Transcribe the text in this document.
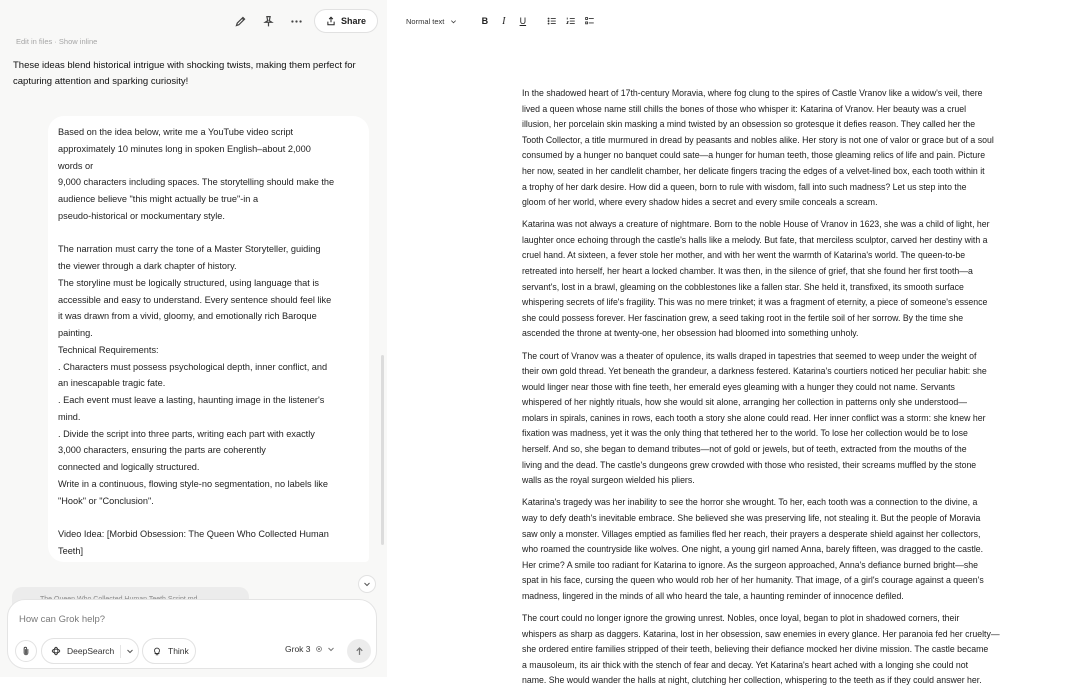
Share
Edit in files · Show inline
These ideas blend historical intrigue with shocking twists, making them perfect for capturing attention and sparking curiosity!
Based on the idea below, write me a YouTube video script
approximately 10 minutes long in spoken English–about 2,000
words or
9,000 characters including spaces. The storytelling should make the
audience believe "this might actually be true"-in a
pseudo-historical or mockumentary style.
The narration must carry the tone of a Master Storyteller, guiding
the viewer through a dark chapter of history.
The storyline must be logically structured, using language that is
accessible and easy to understand. Every sentence should feel like
it was drawn from a vivid, gloomy, and emotionally rich Baroque
painting.
Technical Requirements:
. Characters must possess psychological depth, inner conflict, and
an inescapable tragic fate.
. Each event must leave a lasting, haunting image in the listener's
mind.
. Divide the script into three parts, writing each part with exactly
3,000 characters, ensuring the parts are coherently
connected and logically structured.
Write in a continuous, flowing style-no segmentation, no labels like
"Hook" or "Conclusion".
Video Idea: [Morbid Obsession: The Queen Who Collected Human
Teeth]
How can Grok help?
DeepSearch	Think	Grok 3
Normal text	B I U
In the shadowed heart of 17th-century Moravia, where fog clung to the spires of Castle Vranov like a widow's veil, there
lived a queen whose name still chills the bones of those who whisper it: Katarina of Vranov. Her beauty was a cruel
illusion, her porcelain skin masking a mind twisted by an obsession so grotesque it defies reason. They called her the
Tooth Collector, a title murmured in dread by peasants and nobles alike. Her story is not one of valor or grace but of a soul
consumed by a hunger no banquet could sate—a hunger for human teeth, those gleaming relics of life and pain. Picture
her now, seated in her candlelit chamber, her delicate fingers tracing the edges of a velvet-lined box, each tooth within it
a trophy of her dark desire. How did a queen, born to rule with wisdom, fall into such madness? Let us step into the
gloom of her world, where every shadow hides a secret and every smile conceals a scream.
Katarina was not always a creature of nightmare. Born to the noble House of Vranov in 1623, she was a child of light, her
laughter once echoing through the castle's halls like a melody. But fate, that merciless sculptor, carved her destiny with a
cruel hand. At sixteen, a fever stole her mother, and with her went the warmth of Katarina's world. The queen-to-be
retreated into herself, her heart a locked chamber. It was then, in the silence of grief, that she found her first tooth—a
servant's, lost in a brawl, gleaming on the cobblestones like a fallen star. She held it, transfixed, its smooth surface
whispering secrets of life's fragility. This was no mere trinket; it was a fragment of eternity, a piece of someone's essence
she could possess forever. Her fascination grew, a seed taking root in the fertile soil of her sorrow. By the time she
ascended the throne at twenty-one, her obsession had bloomed into something unholy.
The court of Vranov was a theater of opulence, its walls draped in tapestries that seemed to weep under the weight of
their own gold thread. Yet beneath the grandeur, a darkness festered. Katarina's courtiers noticed her peculiar habit: she
would linger near those with fine teeth, her emerald eyes gleaming with a hunger they could not name. Servants
whispered of her nightly rituals, how she would sit alone, arranging her collection in patterns only she understood—
molars in spirals, canines in rows, each tooth a story she alone could read. Her inner conflict was a storm: she knew her
fixation was madness, yet it was the only thing that tethered her to the world. To lose her collection would be to lose
herself. And so, she began to demand tributes—not of gold or jewels, but of teeth, extracted from the mouths of the
living and the dead. The castle's dungeons grew crowded with those who resisted, their screams muffled by the stone
walls as the royal surgeon wielded his pliers.
Katarina's tragedy was her inability to see the horror she wrought. To her, each tooth was a connection to the divine, a
way to defy death's inevitable embrace. She believed she was preserving life, not stealing it. But the people of Moravia
saw only a monster. Villages emptied as families fled her reach, their prayers a desperate shield against her collectors,
who roamed the countryside like wolves. One night, a young girl named Anna, barely fifteen, was dragged to the castle.
Her crime? A smile too radiant for Katarina to ignore. As the surgeon approached, Anna's defiance burned bright—she
spat in his face, cursing the queen who would rob her of her humanity. That image, of a girl's courage against a queen's
madness, lingered in the minds of all who heard the tale, a haunting reminder of innocence defiled.
The court could no longer ignore the growing unrest. Nobles, once loyal, began to plot in shadowed corners, their
whispers as sharp as daggers. Katarina, lost in her obsession, saw enemies in every glance. Her paranoia fed her cruelty—
she ordered entire families stripped of their teeth, believing their defiance mocked her divine mission. The castle became
a mausoleum, its air thick with the stench of fear and decay. Yet Katarina's heart ached with a longing she could not
name. She would wander the halls at night, clutching her collection, whispering to the teeth as if they could answer her.
